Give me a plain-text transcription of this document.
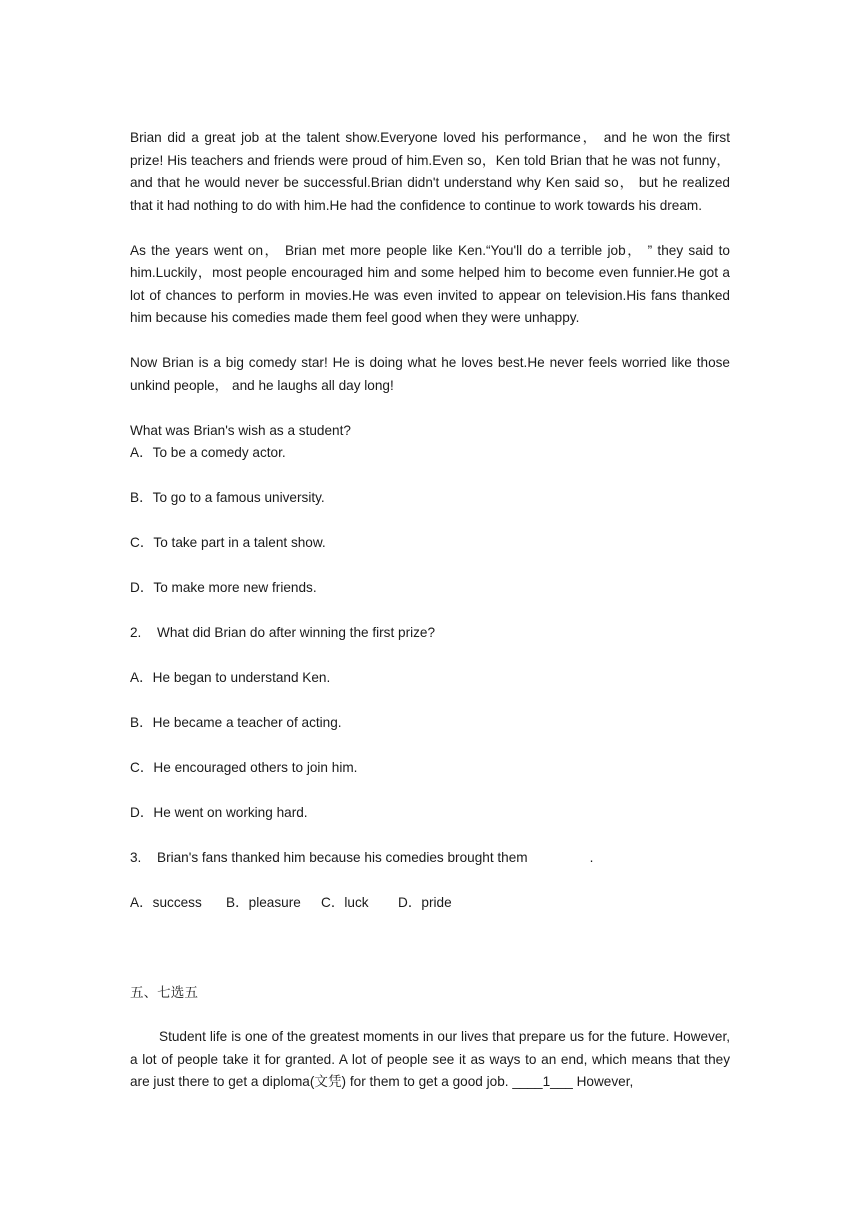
Brian did a great job at the talent show.Everyone loved his performance， and he won the first prize! His teachers and friends were proud of him.Even so，Ken told Brian that he was not funny，and that he would never be successful.Brian didn't understand why Ken said so， but he realized that it had nothing to do with him.He had the confidence to continue to work towards his dream.

As the years went on， Brian met more people like Ken.“You'll do a terrible job， ” they said to him.Luckily，most people encouraged him and some helped him to become even funnier.He got a lot of chances to perform in movies.He was even invited to appear on television.His fans thanked him because his comedies made them feel good when they were unhappy.

Now Brian is a big comedy star! He is doing what he loves best.He never feels worried like those unkind people， and he laughs all day long!

What was Brian's wish as a student?

A．To be a comedy actor.

B．To go to a famous university.

C．To take part in a talent show.

D．To make more new friends.

2. What did Brian do after winning the first prize?

A．He began to understand Ken.

B．He became a teacher of acting.

C．He encouraged others to join him.

D．He went on working hard.

3. Brian's fans thanked him because his comedies brought them	.

A．success B．pleasure C．luck D．pride

五、七选五

Student life is one of the greatest moments in our lives that prepare us for the future. However, a lot of people take it for granted. A lot of people see it as ways to an end, which means that they are just there to get a diploma(文凭) for them to get a good job. ____1___ However,
